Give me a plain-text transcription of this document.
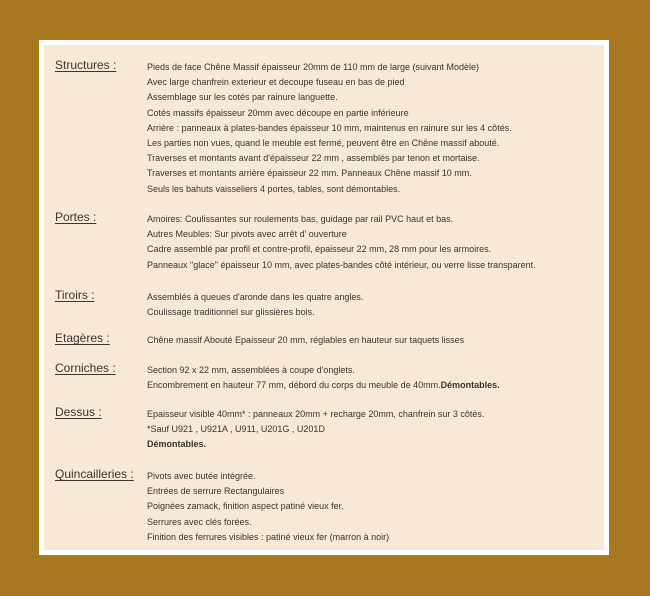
Structures :	Pieds de face Chêne Massif épaisseur 20mm de 110 mm de large (suivant Modèle)
Avec large chanfrein exterieur et decoupe fuseau en bas de pied
Assemblage sur les cotés par rainure languette.
Cotés massifs épaisseur 20mm avec découpe en partie inférieure
Arrière : panneaux à plates-bandes épaisseur 10 mm, maintenus en rainure sur les 4 côtés.
Les parties non vues, quand le meuble est fermé, peuvent être en Chêne massif abouté.
Traverses et montants avant d'épaisseur 22 mm , assemblés par tenon et mortaise.
Traverses et montants arrière épaisseur 22 mm. Panneaux Chêne massif 10 mm.
Seuls les bahuts vaisseliers 4 portes, tables, sont démontables.
Portes :	Amoires: Coulissantes sur roulements bas, guidage par rail PVC haut et bas.
Autres Meubles: Sur pivots avec arrêt d' ouverture
Cadre assemblé par profil et contre-profil, épaisseur 22 mm, 28 mm pour les armoires.
Panneaux "glace" épaisseur 10 mm, avec plates-bandes côté intérieur, ou verre lisse transparent.
Tiroirs :	Assemblés à queues d'aronde dans les quatre angles.
Coulissage traditionnel sur glissières bois.
Etagères :	Chêne massif Abouté Epaisseur 20 mm, réglables en hauteur sur taquets lisses
Corniches :	Section 92 x 22 mm, assemblées à coupe d'onglets.
Encombrement en hauteur 77 mm, débord du corps du meuble de 40mm.Démontables.
Dessus :	Epaisseur visible 40mm* : panneaux 20mm + recharge 20mm, chanfrein sur 3 côtés.
*Sauf U921 , U921A , U911, U201G , U201D
Démontables.
Quincailleries : Pivots avec butée intégrée.
Entrées de serrure Rectangulaires
Poignées zamack, finition aspect patiné vieux fer.
Serrures avec clés forées.
Finition des ferrures visibles : patiné vieux fer (marron à noir)
